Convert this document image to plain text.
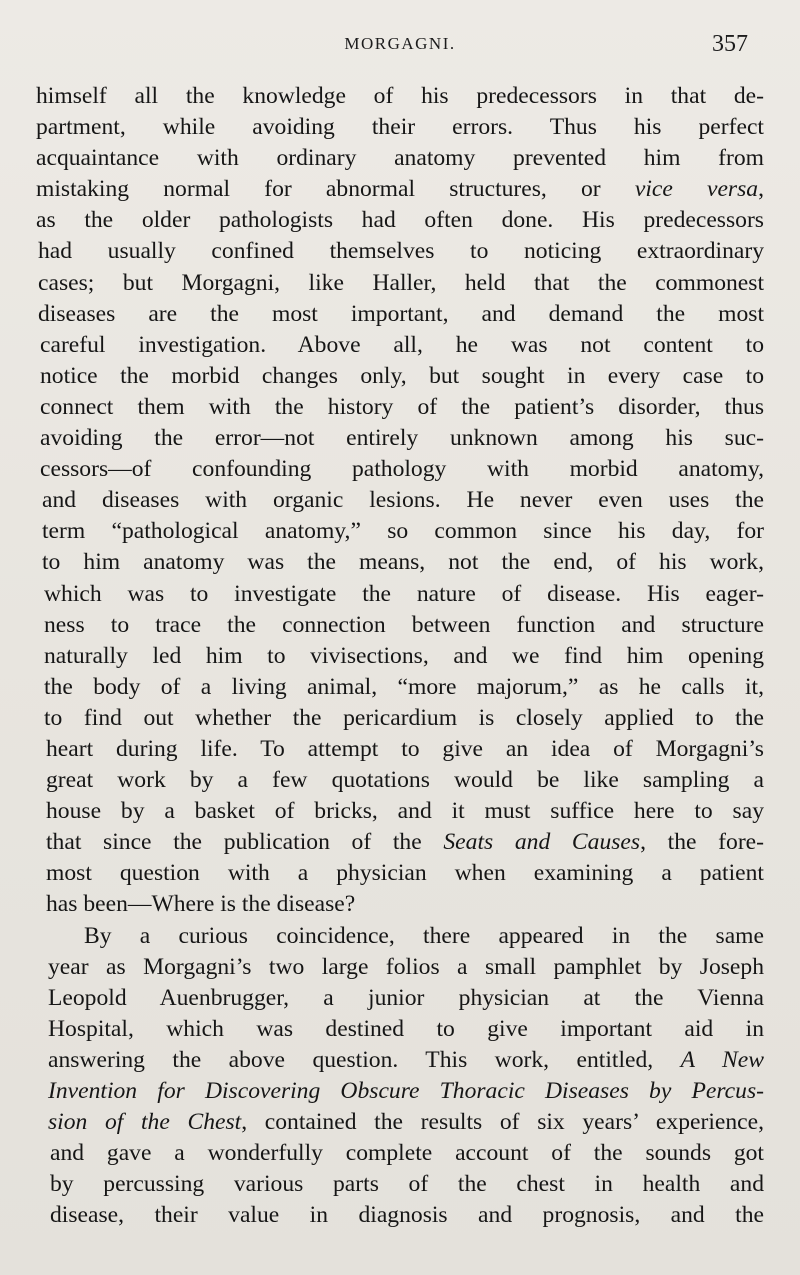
MORGAGNI.	357
himself all the knowledge of his predecessors in that de-
partment, while avoiding their errors. Thus his perfect
acquaintance with ordinary anatomy prevented him from
mistaking normal for abnormal structures, or vice versa,
as the older pathologists had often done. His predecessors
had usually confined themselves to noticing extraordinary
cases; but Morgagni, like Haller, held that the commonest
diseases are the most important, and demand the most
careful investigation. Above all, he was not content to
notice the morbid changes only, but sought in every case to
connect them with the history of the patient’s disorder, thus
avoiding the error—not entirely unknown among his suc-
cessors—of confounding pathology with morbid anatomy,
and diseases with organic lesions. He never even uses the
term “pathological anatomy,” so common since his day, for
to him anatomy was the means, not the end, of his work,
which was to investigate the nature of disease. His eager-
ness to trace the connection between function and structure
naturally led him to vivisections, and we find him opening
the body of a living animal, “more majorum,” as he calls it,
to find out whether the pericardium is closely applied to the
heart during life. To attempt to give an idea of Morgagni’s
great work by a few quotations would be like sampling a
house by a basket of bricks, and it must suffice here to say
that since the publication of the Seats and Causes, the fore-
most question with a physician when examining a patient
has been—Where is the disease?
By a curious coincidence, there appeared in the same
year as Morgagni’s two large folios a small pamphlet by Joseph
Leopold Auenbrugger, a junior physician at the Vienna
Hospital, which was destined to give important aid in
answering the above question. This work, entitled, A New
Invention for Discovering Obscure Thoracic Diseases by Percus-
sion of the Chest, contained the results of six years’ experience,
and gave a wonderfully complete account of the sounds got
by percussing various parts of the chest in health and
disease, their value in diagnosis and prognosis, and the
